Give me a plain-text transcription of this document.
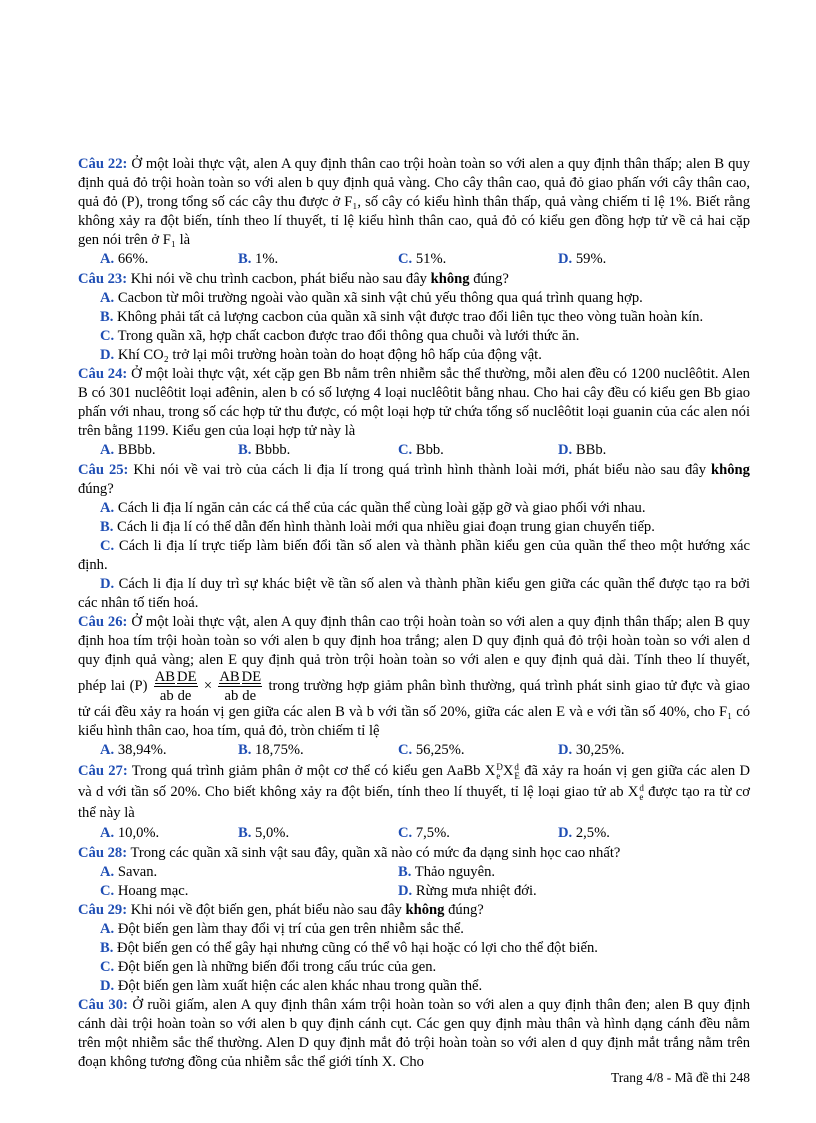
Câu 22: Ở một loài thực vật, alen A quy định thân cao trội hoàn toàn so với alen a quy định thân thấp; alen B quy định quả đỏ trội hoàn toàn so với alen b quy định quả vàng. Cho cây thân cao, quả đỏ giao phấn với cây thân cao, quả đỏ (P), trong tổng số các cây thu được ở F₁, số cây có kiểu hình thân thấp, quả vàng chiếm tỉ lệ 1%. Biết rằng không xảy ra đột biến, tính theo lí thuyết, tỉ lệ kiểu hình thân cao, quả đỏ có kiểu gen đồng hợp tử về cả hai cặp gen nói trên ở F₁ là

A. 66%.	B. 1%.	C. 51%.	D. 59%.

Câu 23: Khi nói về chu trình cacbon, phát biểu nào sau đây không đúng?

A. Cacbon từ môi trường ngoài vào quần xã sinh vật chủ yếu thông qua quá trình quang hợp.
B. Không phải tất cả lượng cacbon của quần xã sinh vật được trao đổi liên tục theo vòng tuần hoàn kín.
C. Trong quần xã, hợp chất cacbon được trao đổi thông qua chuỗi và lưới thức ăn.
D. Khí CO₂ trở lại môi trường hoàn toàn do hoạt động hô hấp của động vật.

Câu 24: Ở một loài thực vật, xét cặp gen Bb nằm trên nhiễm sắc thể thường, mỗi alen đều có 1200 nuclêôtit. Alen B có 301 nuclêôtit loại ađênin, alen b có số lượng 4 loại nuclêôtit bằng nhau. Cho hai cây đều có kiểu gen Bb giao phấn với nhau, trong số các hợp tử thu được, có một loại hợp tử chứa tổng số nuclêôtit loại guanin của các alen nói trên bằng 1199. Kiểu gen của loại hợp tử này là

A. BBbb.	B. Bbbb.	C. Bbb.	D. BBb.

Câu 25: Khi nói về vai trò của cách li địa lí trong quá trình hình thành loài mới, phát biểu nào sau đây không đúng?

A. Cách li địa lí ngăn cản các cá thể của các quần thể cùng loài gặp gỡ và giao phối với nhau.
B. Cách li địa lí có thể dẫn đến hình thành loài mới qua nhiều giai đoạn trung gian chuyển tiếp.
C. Cách li địa lí trực tiếp làm biến đổi tần số alen và thành phần kiểu gen của quần thể theo một hướng xác định.
D. Cách li địa lí duy trì sự khác biệt về tần số alen và thành phần kiểu gen giữa các quần thể được tạo ra bởi các nhân tố tiến hoá.

Câu 26: Ở một loài thực vật, alen A quy định thân cao trội hoàn toàn so với alen a quy định thân thấp; alen B quy định hoa tím trội hoàn toàn so với alen b quy định hoa trắng; alen D quy định quả đỏ trội hoàn toàn so với alen d quy định quả vàng; alen E quy định quả tròn trội hoàn toàn so với alen e quy định quả dài. Tính theo lí thuyết, phép lai $(P) \frac{\text{AB DE}}{\text{ab de}} \times \frac{\text{AB DE}}{\text{ab de}}$ trong trường hợp giảm phân bình thường, quá trình phát sinh giao tử đực và giao tử cái đều xảy ra hoán vị gen giữa các alen B và b với tần số 20%, giữa các alen E và e với tần số 40%, cho F₁ có kiểu hình thân cao, hoa tím, quả đỏ, tròn chiếm tỉ lệ

A. 38,94%.	B. 18,75%.	C. 56,25%.	D. 30,25%.

Câu 27: Trong quá trình giảm phân ở một cơ thể có kiểu gen AaBb X D
e X d
E đã xảy ra hoán vị gen giữa các alen D và d với tần số 20%. Cho biết không xảy ra đột biến, tính theo lí thuyết, tỉ lệ loại giao tử ab X d
e được tạo ra từ cơ thể này là

A. 10,0%.	B. 5,0%.	C. 7,5%.	D. 2,5%.

Câu 28: Trong các quần xã sinh vật sau đây, quần xã nào có mức đa dạng sinh học cao nhất?

A. Savan.	B. Thảo nguyên.
C. Hoang mạc.	D. Rừng mưa nhiệt đới.

Câu 29: Khi nói về đột biến gen, phát biểu nào sau đây không đúng?

A. Đột biến gen làm thay đổi vị trí của gen trên nhiễm sắc thể.
B. Đột biến gen có thể gây hại nhưng cũng có thể vô hại hoặc có lợi cho thể đột biến.
C. Đột biến gen là những biến đổi trong cấu trúc của gen.
D. Đột biến gen làm xuất hiện các alen khác nhau trong quần thể.

Câu 30: Ở ruồi giấm, alen A quy định thân xám trội hoàn toàn so với alen a quy định thân đen; alen B quy định cánh dài trội hoàn toàn so với alen b quy định cánh cụt. Các gen quy định màu thân và hình dạng cánh đều nằm trên một nhiễm sắc thể thường. Alen D quy định mắt đỏ trội hoàn toàn so với alen d quy định mắt trắng nằm trên đoạn không tương đồng của nhiễm sắc thể giới tính X. Cho

Trang 4/8 - Mã đề thi 248
